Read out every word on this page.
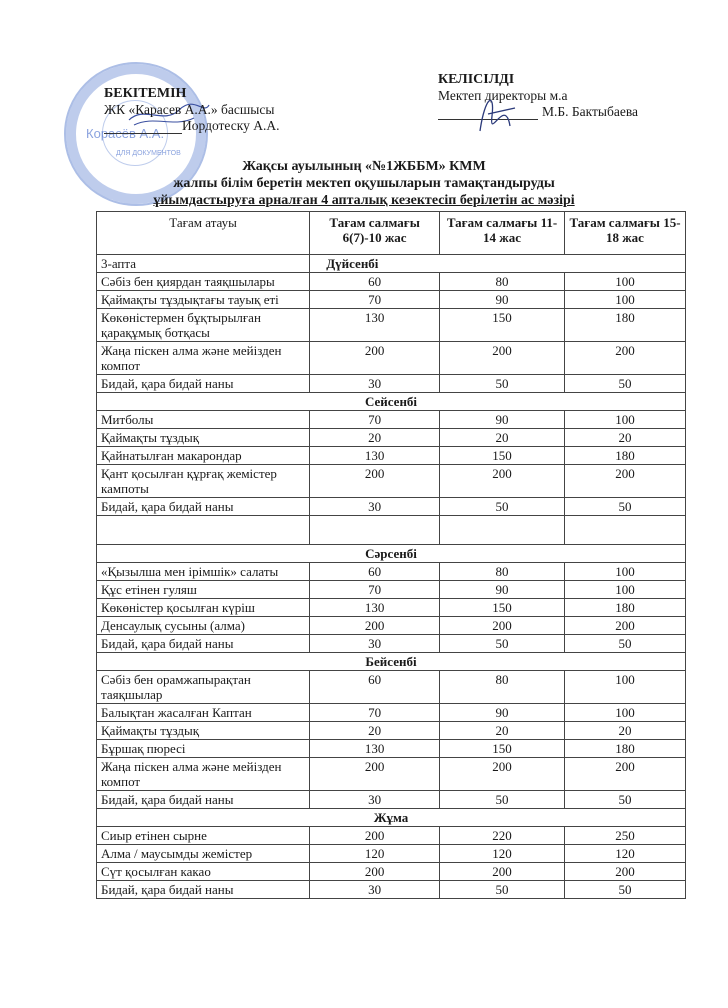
Корасёв А.А.
ДЛЯ ДОКУМЕНТОВ
БЕКІТЕМІН
ЖК «Карасев А.А.» басшысы
Иордотеску А.А.
КЕЛІСІЛДІ
Мектеп директоры м.а
М.Б. Бактыбаева
Жақсы ауылының «№1ЖББМ» КММ
жалпы білім беретін мектеп оқушыларын тамақтандыруды
ұйымдастыруға арналған 4 апталық кезектесіп берілетін ас мәзірі
Тағам атауы	Тағам салмағы 6(7)-10 жас	Тағам салмағы 11-14 жас	Тағам салмағы 15-18 жас
3-апта	Дүйсенбі		
Сәбіз бен қиярдан таяқшылары	60	80	100
Қаймақты тұздықтағы тауық еті	70	90	100
Көкөністермен бұқтырылған қарақұмық ботқасы	130	150	180
Жаңа піскен алма және мейізден компот	200	200	200
Бидай, қара бидай наны	30	50	50
Сейсенбі			
Митболы	70	90	100
Қаймақты тұздық	20	20	20
Қайнатылған макарондар	130	150	180
Қант қосылған құрғақ жемістер кампоты	200	200	200
Бидай, қара бидай наны	30	50	50

Сәрсенбі			
«Қызылша мен ірімшік» салаты	60	80	100
Құс етінен гуляш	70	90	100
Көкөністер қосылған күріш	130	150	180
Денсаулық сусыны (алма)	200	200	200
Бидай, қара бидай наны	30	50	50
Бейсенбі			
Сәбіз бен орамжапырақтан таяқшылар	60	80	100
Балықтан жасалған Каптан	70	90	100
Қаймақты тұздық	20	20	20
Бұршақ пюресі	130	150	180
Жаңа піскен алма және мейізден компот	200	200	200
Бидай, қара бидай наны	30	50	50
Жұма			
Сиыр етінен сырне	200	220	250
Алма / маусымды жемістер	120	120	120
Сүт қосылған какао	200	200	200
Бидай, қара бидай наны	30	50	50
